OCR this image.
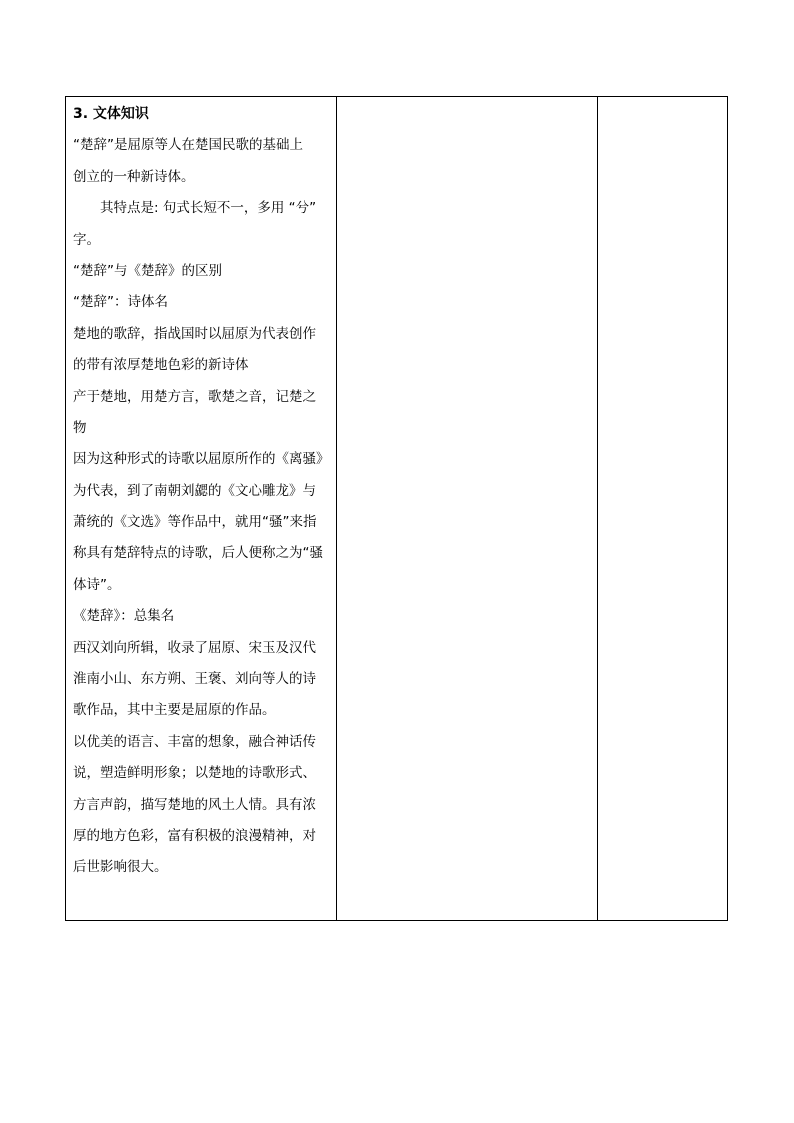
3. 文体知识
“楚辞”是屈原等人在楚国民歌的基础上
创立的一种新诗体。
其特点是: 句式长短不一，多用 “兮”
字。
“楚辞”与《楚辞》的区别
“楚辞”：诗体名
楚地的歌辞，指战国时以屈原为代表创作
的带有浓厚楚地色彩的新诗体
产于楚地，用楚方言，歌楚之音，记楚之
物
因为这种形式的诗歌以屈原所作的《离骚》
为代表，到了南朝刘勰的《文心雕龙》与
萧统的《文选》等作品中，就用“骚”来指
称具有楚辞特点的诗歌，后人便称之为“骚
体诗”。
《楚辞》：总集名
西汉刘向所辑，收录了屈原、宋玉及汉代
淮南小山、东方朔、王褒、刘向等人的诗
歌作品，其中主要是屈原的作品。
以优美的语言、丰富的想象，融合神话传
说，塑造鲜明形象；以楚地的诗歌形式、
方言声韵，描写楚地的风土人情。具有浓
厚的地方色彩，富有积极的浪漫精神，对
后世影响很大。
